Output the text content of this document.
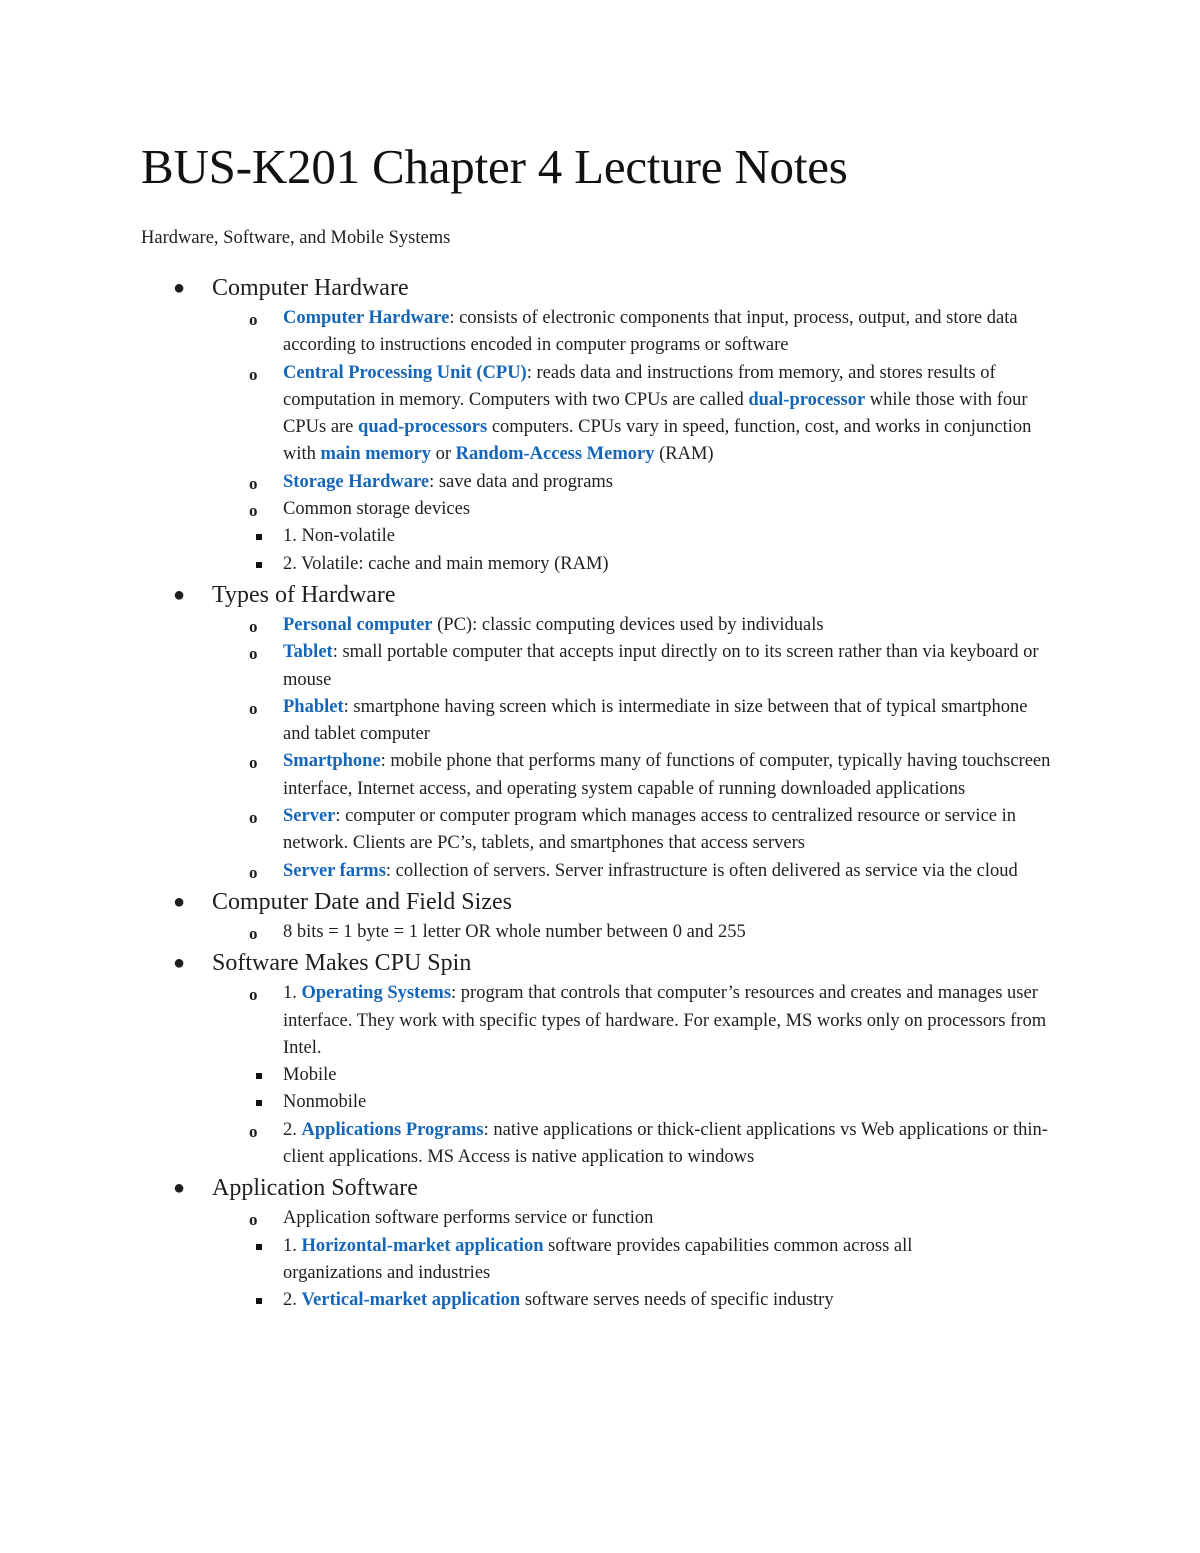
BUS-K201 Chapter 4 Lecture Notes
Hardware, Software, and Mobile Systems
● Computer Hardware
o Computer Hardware: consists of electronic components that input, process, output, and store data according to instructions encoded in computer programs or software
o Central Processing Unit (CPU): reads data and instructions from memory, and stores results of computation in memory. Computers with two CPUs are called dual-processor while those with four CPUs are quad-processors computers. CPUs vary in speed, function, cost, and works in conjunction with main memory or Random-Access Memory (RAM)
o Storage Hardware: save data and programs
o Common storage devices
1. Non-volatile
2. Volatile: cache and main memory (RAM)
● Types of Hardware
o Personal computer (PC): classic computing devices used by individuals
o Tablet: small portable computer that accepts input directly on to its screen rather than via keyboard or mouse
o Phablet: smartphone having screen which is intermediate in size between that of typical smartphone and tablet computer
o Smartphone: mobile phone that performs many of functions of computer, typically having touchscreen interface, Internet access, and operating system capable of running downloaded applications
o Server: computer or computer program which manages access to centralized resource or service in network. Clients are PC’s, tablets, and smartphones that access servers
o Server farms: collection of servers. Server infrastructure is often delivered as service via the cloud
● Computer Date and Field Sizes
o 8 bits = 1 byte = 1 letter OR whole number between 0 and 255
● Software Makes CPU Spin
o 1. Operating Systems: program that controls that computer’s resources and creates and manages user interface. They work with specific types of hardware. For example, MS works only on processors from Intel.
Mobile
Nonmobile
o 2. Applications Programs: native applications or thick-client applications vs Web applications or thin-client applications. MS Access is native application to windows
● Application Software
o Application software performs service or function
1. Horizontal-market application software provides capabilities common across all organizations and industries
2. Vertical-market application software serves needs of specific industry
